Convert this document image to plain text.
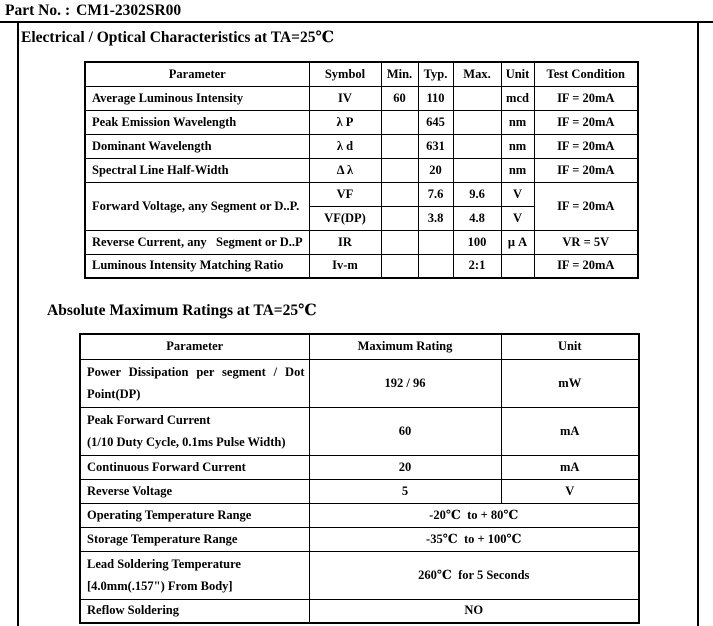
Part No. : CM1-2302SR00
Electrical / Optical Characteristics at TA=25℃
Parameter	Symbol	Min.	Typ.	Max.	Unit	Test Condition
Average Luminous Intensity	IV	60	110		mcd	IF = 20mA
Peak Emission Wavelength	λ P		645		nm	IF = 20mA
Dominant Wavelength	λ d		631		nm	IF = 20mA
Spectral Line Half-Width	Δ λ		20		nm	IF = 20mA
Forward Voltage, any Segment or D..P.	VF		7.6	9.6	V	IF = 20mA
	VF(DP)		3.8	4.8	V	
Reverse Current, any   Segment or D..P	IR			100	μ A	VR = 5V
Luminous Intensity Matching Ratio	Iv-m			2:1		IF = 20mA
Absolute Maximum Ratings at TA=25℃
Parameter	Maximum Rating	Unit

Power Dissipation per segment / Dot
Point(DP)	192 / 96	mW

Peak Forward Current
(1/10 Duty Cycle, 0.1ms Pulse Width)	60	mA
Continuous Forward Current	20	mA
Reverse Voltage	5	V
Operating Temperature Range	-20℃  to + 80℃	
Storage Temperature Range	-35℃  to + 100℃	

Lead Soldering Temperature
[4.0mm(.157") From Body]	260℃  for 5 Seconds	
Reflow Soldering	NO	
